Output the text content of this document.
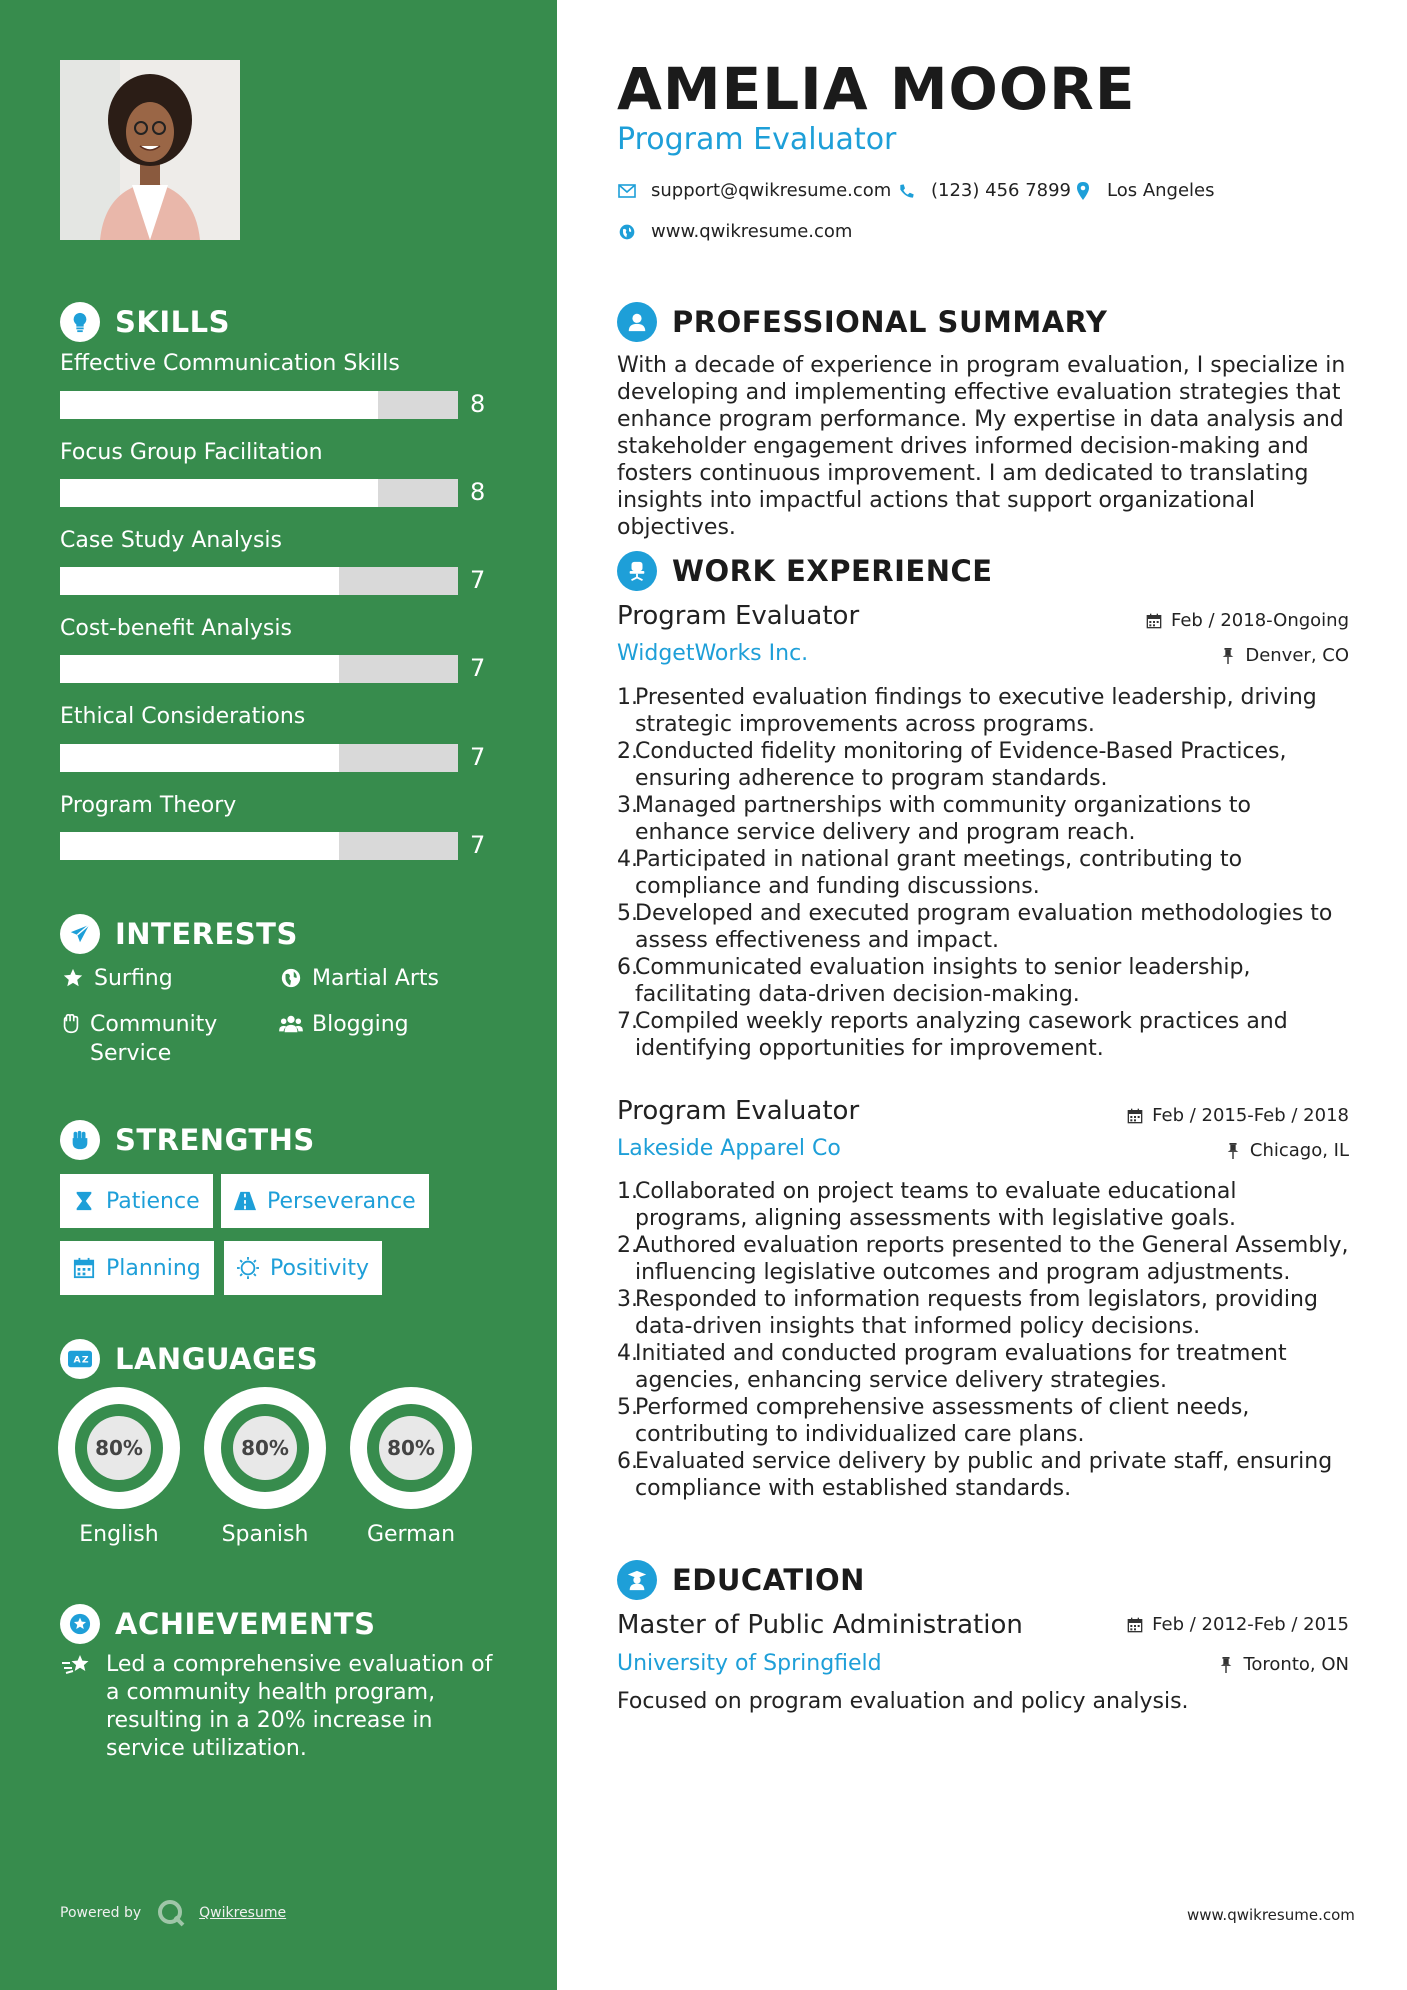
SKILLS
Effective Communication Skills
8
Focus Group Facilitation
8
Case Study Analysis
7
Cost-benefit Analysis
7
Ethical Considerations
7
Program Theory
7
INTERESTS
Surfing	Martial Arts
Community Service
Blogging
STRENGTHS
Patience	Perseverance
Planning	Positivity
A Z LANGUAGES
80%
English
80%
Spanish
80%
German
ACHIEVEMENTS
Led a comprehensive evaluation of a community health program, resulting in a 20% increase in service utilization.
Powered by	Qwikresume
AMELIA MOORE
Program Evaluator
support@qwikresume.com (123) 456 7899 Los Angeles
www.qwikresume.com
PROFESSIONAL SUMMARY
With a decade of experience in program evaluation, I specialize in developing and implementing effective evaluation strategies that enhance program performance. My expertise in data analysis and stakeholder engagement drives informed decision-making and fosters continuous improvement. I am dedicated to translating insights into impactful actions that support organizational objectives.
WORK EXPERIENCE
Program Evaluator	Feb / 2018-Ongoing
WidgetWorks Inc.	Denver, CO
1.
Presented evaluation findings to executive leadership, driving strategic improvements across programs.
2.
Conducted fidelity monitoring of Evidence-Based Practices, ensuring adherence to program standards.
3.
Managed partnerships with community organizations to enhance service delivery and program reach.
4.
Participated in national grant meetings, contributing to compliance and funding discussions.
5.
Developed and executed program evaluation methodologies to assess effectiveness and impact.
6.
Communicated evaluation insights to senior leadership, facilitating data-driven decision-making.
7.
Compiled weekly reports analyzing casework practices and identifying opportunities for improvement.
Program Evaluator	Feb / 2015-Feb / 2018
Lakeside Apparel Co	Chicago, IL
1.
Collaborated on project teams to evaluate educational programs, aligning assessments with legislative goals.
2.
Authored evaluation reports presented to the General Assembly, influencing legislative outcomes and program adjustments.
3.
Responded to information requests from legislators, providing data-driven insights that informed policy decisions.
4.
Initiated and conducted program evaluations for treatment agencies, enhancing service delivery strategies.
5.
Performed comprehensive assessments of client needs, contributing to individualized care plans.
6.
Evaluated service delivery by public and private staff, ensuring compliance with established standards.
EDUCATION
Master of Public Administration	Feb / 2012-Feb / 2015
University of Springfield	Toronto, ON
Focused on program evaluation and policy analysis.
www.qwikresume.com
